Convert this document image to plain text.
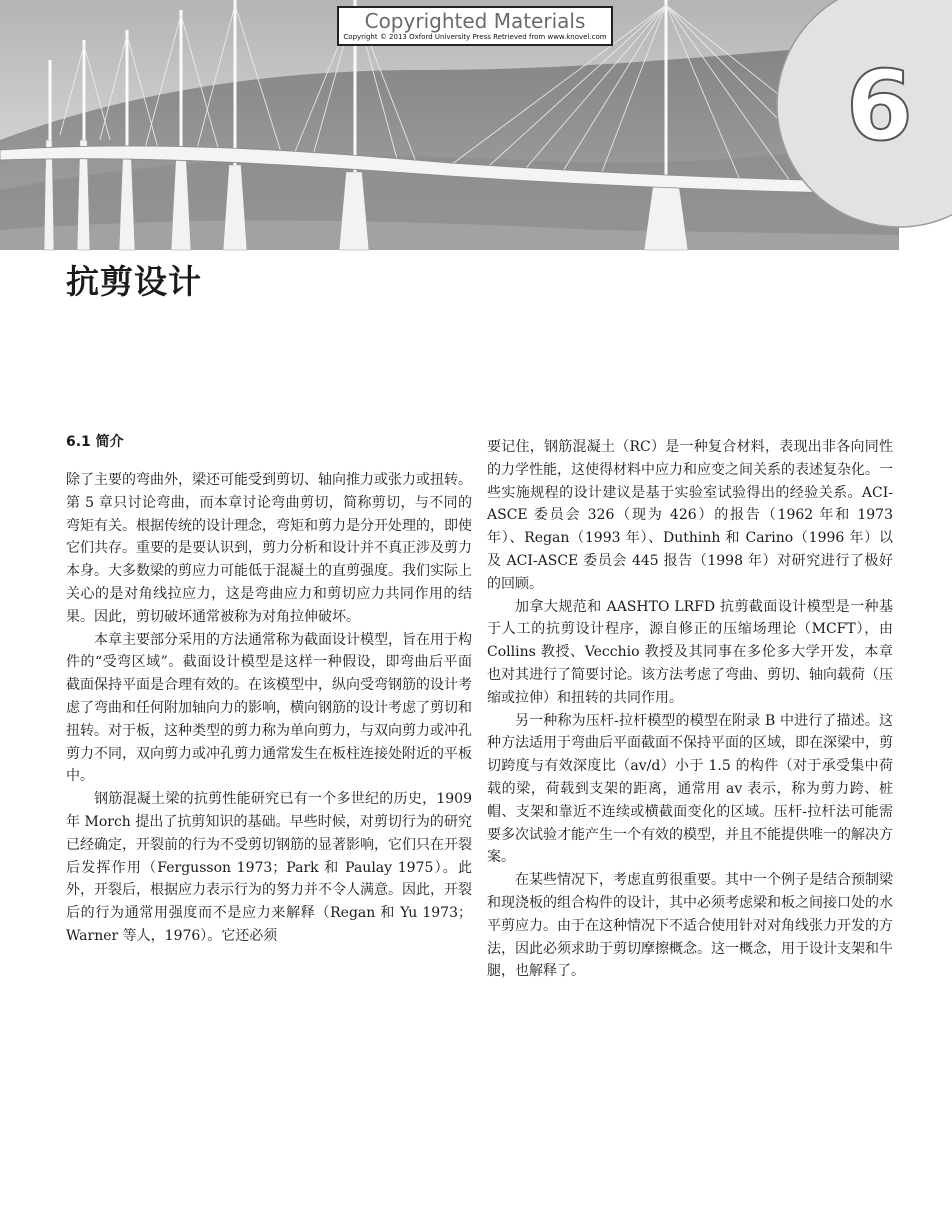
6
Copyrighted Materials
Copyright © 2013 Oxford University Press Retrieved from www.knovel.com
抗剪设计
6.1 简介

除了主要的弯曲外，梁还可能受到剪切、轴向推力或张力或扭转。第 5 章只讨论弯曲，而本章讨论弯曲剪切，简称剪切，与不同的弯矩有关。根据传统的设计理念，弯矩和剪力是分开处理的，即使它们共存。重要的是要认识到，剪力分析和设计并不真正涉及剪力本身。大多数梁的剪应力可能低于混凝土的直剪强度。我们实际上关心的是对角线拉应力，这是弯曲应力和剪切应力共同作用的结果。因此，剪切破坏通常被称为对角拉伸破坏。

本章主要部分采用的方法通常称为截面设计模型，旨在用于构件的“受弯区域”。截面设计模型是这样一种假设，即弯曲后平面截面保持平面是合理有效的。在该模型中，纵向受弯钢筋的设计考虑了弯曲和任何附加轴向力的影响，横向钢筋的设计考虑了剪切和扭转。对于板，这种类型的剪力称为单向剪力，与双向剪力或冲孔剪力不同，双向剪力或冲孔剪力通常发生在板柱连接处附近的平板中。

钢筋混凝土梁的抗剪性能研究已有一个多世纪的历史，1909 年 Morch 提出了抗剪知识的基础。早些时候，对剪切行为的研究已经确定，开裂前的行为不受剪切钢筋的显著影响，它们只在开裂后发挥作用（Fergusson 1973；Park 和 Paulay 1975）。此外，开裂后，根据应力表示行为的努力并不令人满意。因此，开裂后的行为通常用强度而不是应力来解释（Regan 和 Yu 1973；Warner 等人，1976）。它还必须

要记住，钢筋混凝土（RC）是一种复合材料，表现出非各向同性的力学性能，这使得材料中应力和应变之间关系的表述复杂化。一些实施规程的设计建议是基于实验室试验得出的经验关系。ACI-ASCE 委员会 326（现为 426）的报告（1962 年和 1973 年）、Regan（1993 年）、Duthinh 和 Carino（1996 年）以及 ACI-ASCE 委员会 445 报告（1998 年）对研究进行了极好的回顾。

加拿大规范和 AASHTO LRFD 抗剪截面设计模型是一种基于人工的抗剪设计程序，源自修正的压缩场理论（MCFT），由 Collins 教授、Vecchio 教授及其同事在多伦多大学开发，本章也对其进行了简要讨论。该方法考虑了弯曲、剪切、轴向载荷（压缩或拉伸）和扭转的共同作用。

另一种称为压杆-拉杆模型的模型在附录 B 中进行了描述。这种方法适用于弯曲后平面截面不保持平面的区域，即在深梁中，剪切跨度与有效深度比（av/d）小于 1.5 的构件（对于承受集中荷载的梁，荷载到支架的距离，通常用 av 表示，称为剪力跨、桩帽、支架和靠近不连续或横截面变化的区域。压杆-拉杆法可能需要多次试验才能产生一个有效的模型，并且不能提供唯一的解决方案。

在某些情况下，考虑直剪很重要。其中一个例子是结合预制梁和现浇板的组合构件的设计，其中必须考虑梁和板之间接口处的水平剪应力。由于在这种情况下不适合使用针对对角线张力开发的方法，因此必须求助于剪切摩擦概念。这一概念，用于设计支架和牛腿，也解释了。
